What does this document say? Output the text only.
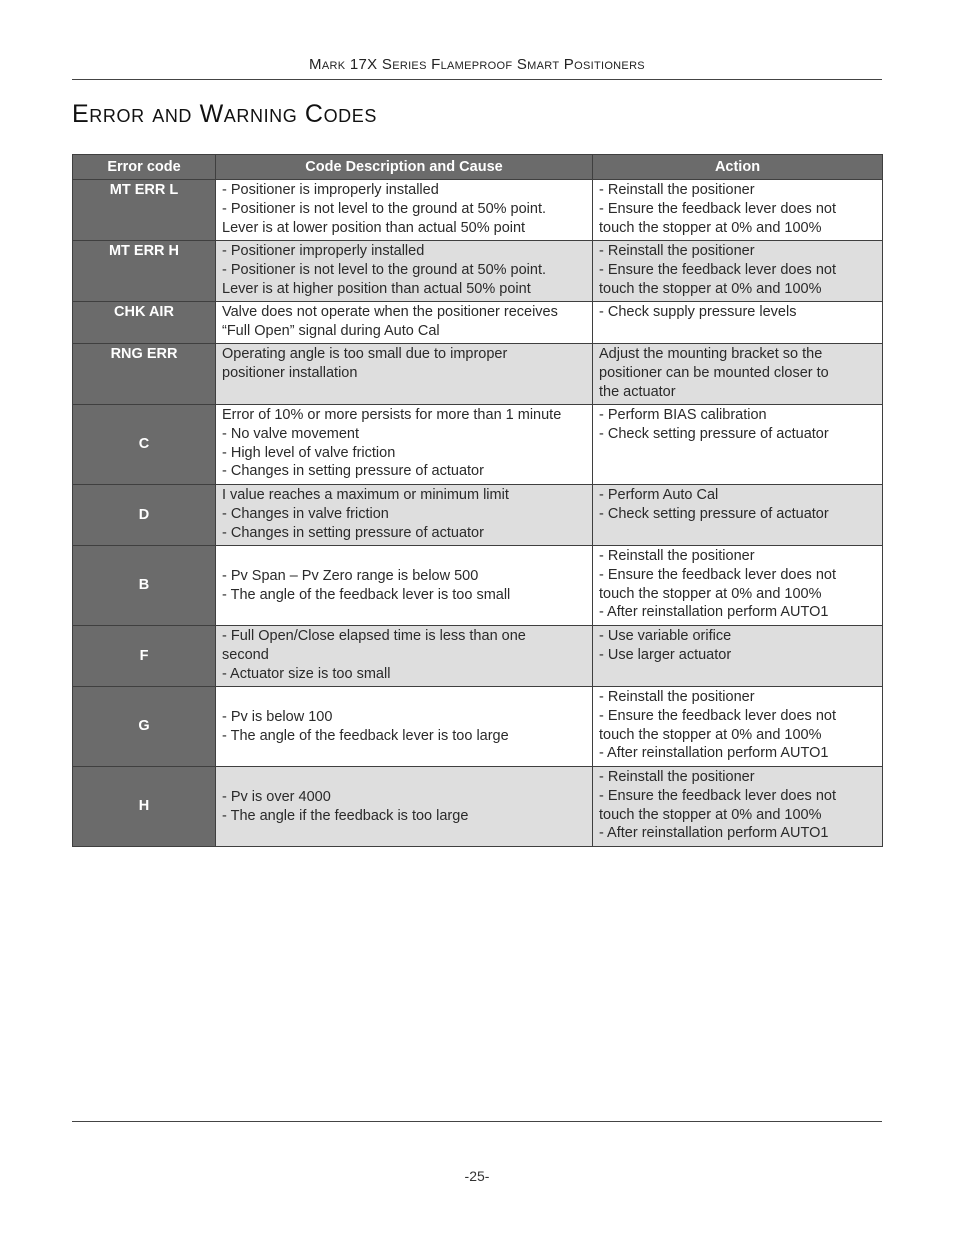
Mark 17X Series Flameproof Smart Positioners
Error and Warning Codes
Error code	Code Description and Cause	Action
MT ERR L	- Positioner is improperly installed
- Positioner is not level to the ground at 50% point.
Lever is at lower position than actual 50% point	- Reinstall the positioner
- Ensure the feedback lever does not
touch the stopper at 0% and 100%

MT ERR H	- Positioner improperly installed
- Positioner is not level to the ground at 50% point.
Lever is at higher position than actual 50% point	- Reinstall the positioner
- Ensure the feedback lever does not
touch the stopper at 0% and 100%

CHK AIR	Valve does not operate when the positioner receives
“Full Open” signal during Auto Cal	- Check supply pressure levels

RNG ERR	Operating angle is too small due to improper
positioner installation	Adjust the mounting bracket so the
positioner can be mounted closer to
the actuator

C	Error of 10% or more persists for more than 1 minute
- No valve movement
- High level of valve friction
- Changes in setting pressure of actuator	- Perform BIAS calibration
- Check setting pressure of actuator

D	I value reaches a maximum or minimum limit
- Changes in valve friction
- Changes in setting pressure of actuator	- Perform Auto Cal
- Check setting pressure of actuator

B	- Pv Span – Pv Zero range is below 500
- The angle of the feedback lever is too small	- Reinstall the positioner
- Ensure the feedback lever does not
touch the stopper at 0% and 100%
- After reinstallation perform AUTO1

F	- Full Open/Close elapsed time is less than one
second
- Actuator size is too small	- Use variable orifice
- Use larger actuator

G	- Pv is below 100
- The angle of the feedback lever is too large	- Reinstall the positioner
- Ensure the feedback lever does not
touch the stopper at 0% and 100%
- After reinstallation perform AUTO1

H	- Pv is over 4000
- The angle if the feedback is too large	- Reinstall the positioner
- Ensure the feedback lever does not
touch the stopper at 0% and 100%
- After reinstallation perform AUTO1
-25-
